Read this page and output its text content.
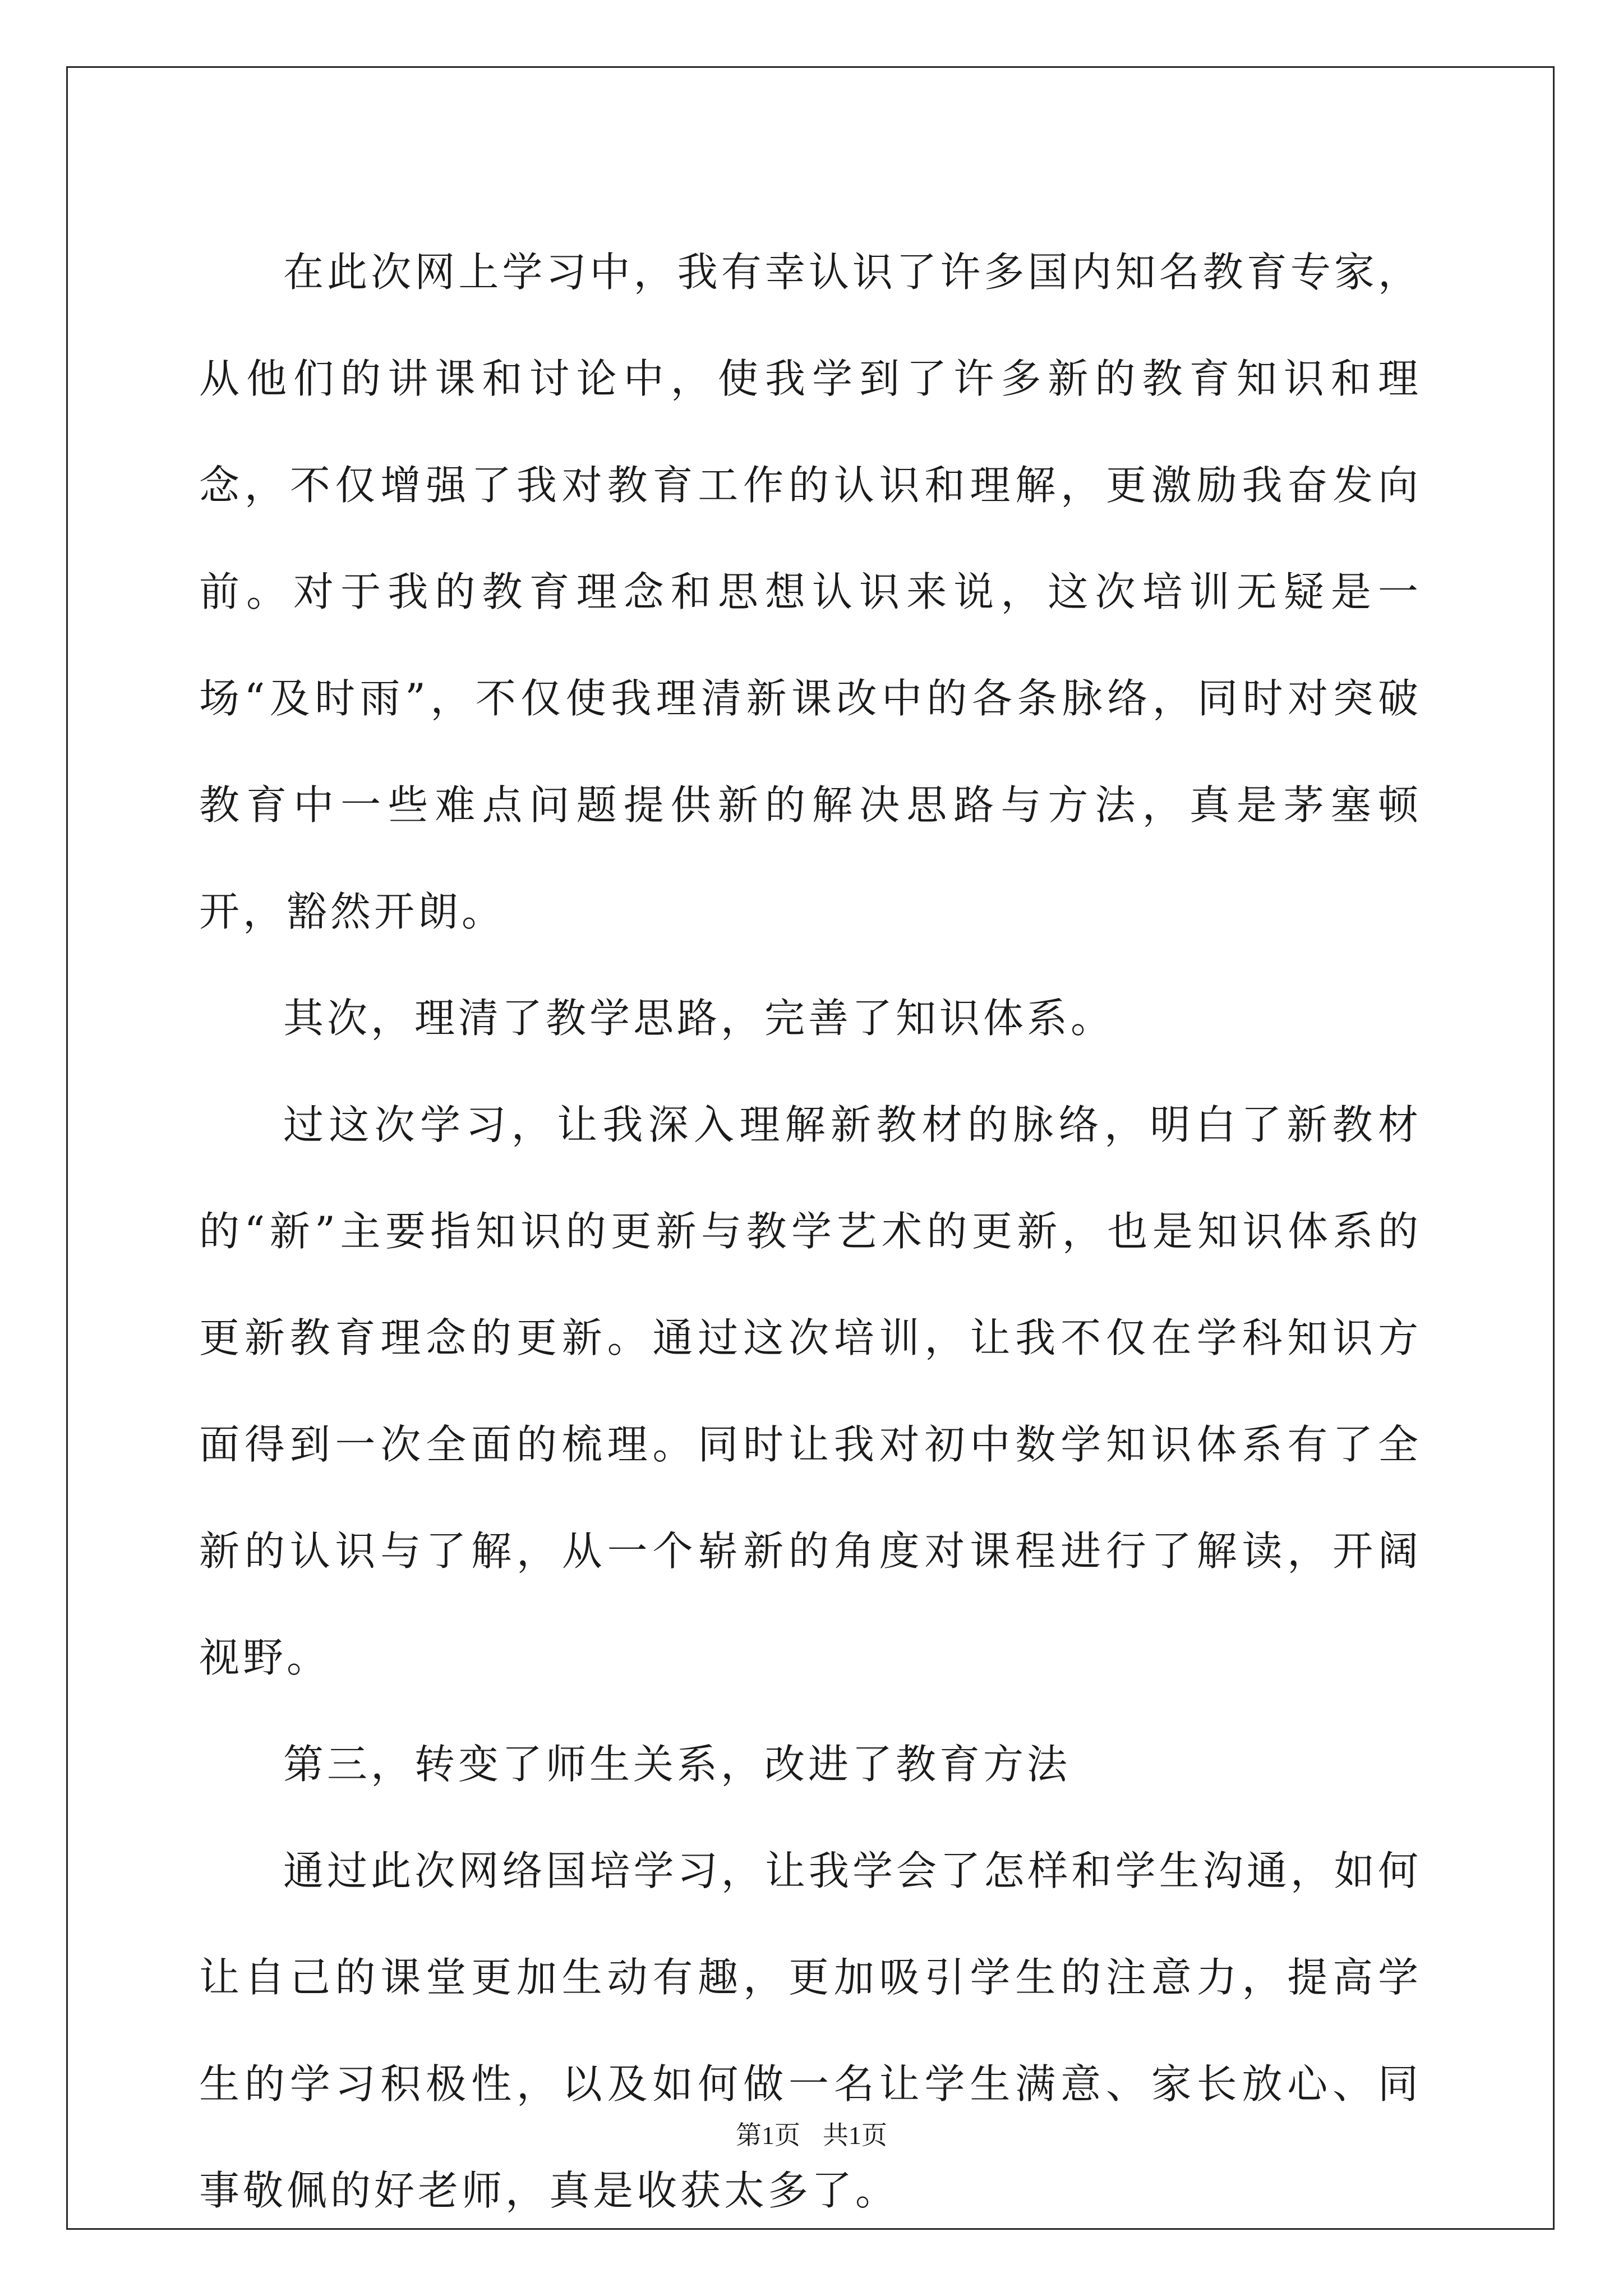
在此次网上学习中，我有幸认识了许多国内知名教育专家，从他们的讲课和讨论中，使我学到了许多新的教育知识和理念，不仅增强了我对教育工作的认识和理解，更激励我奋发向前。对于我的教育理念和思想认识来说，这次培训无疑是一场“及时雨”，不仅使我理清新课改中的各条脉络，同时对突破教育中一些难点问题提供新的解决思路与方法，真是茅塞顿开，豁然开朗。

其次，理清了教学思路，完善了知识体系。

过这次学习，让我深入理解新教材的脉络，明白了新教材的“新”主要指知识的更新与教学艺术的更新，也是知识体系的更新教育理念的更新。通过这次培训，让我不仅在学科知识方面得到一次全面的梳理。同时让我对初中数学知识体系有了全新的认识与了解，从一个崭新的角度对课程进行了解读，开阔视野。

第三，转变了师生关系，改进了教育方法

通过此次网络国培学习，让我学会了怎样和学生沟通，如何让自己的课堂更加生动有趣，更加吸引学生的注意力，提高学生的学习积极性，以及如何做一名让学生满意、家长放心、同事敬佩的好老师，真是收获太多了。

第1页 共1页
